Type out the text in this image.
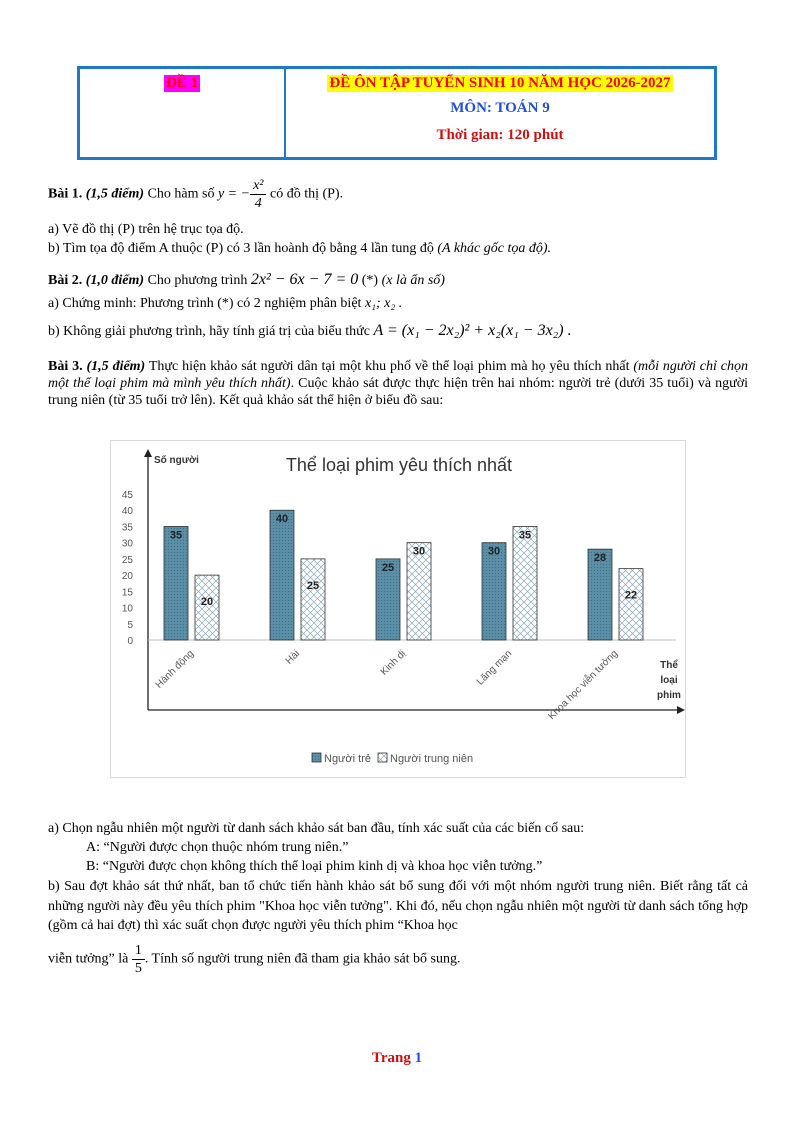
ĐỀ 1	ĐỀ ÔN TẬP TUYỂN SINH 10 NĂM HỌC 2026-2027
MÔN: TOÁN 9
Thời gian: 120 phút
Bài 1. (1,5 điểm) Cho hàm số y = − $\frac{\text{x²}}{4}$ có đồ thị (P).
a) Vẽ đồ thị (P) trên hệ trục tọa độ.
b) Tìm tọa độ điểm A thuộc (P) có 3 lần hoành độ bằng 4 lần tung độ (A khác gốc tọa độ).
Bài 2. (1,0 điểm) Cho phương trình 2x² − 6x − 7 = 0 (*) (x là ẩn số)
a) Chứng minh: Phương trình (*) có 2 nghiệm phân biệt x₁; x₂ .
b) Không giải phương trình, hãy tính giá trị của biểu thức A = (x₁ − 2x₂)² + x₂(x₁ − 3x₂) .
Bài 3. (1,5 điểm) Thực hiện khảo sát người dân tại một khu phố về thể loại phim mà họ yêu thích nhất (mỗi người chỉ chọn một thể loại phim mà mình yêu thích nhất). Cuộc khảo sát được thực hiện trên hai nhóm: người trẻ (dưới 35 tuổi) và người trung niên (từ 35 tuổi trở lên). Kết quả khảo sát thể hiện ở biểu đồ sau:
Thể loại phim yêu thích nhất
Số người
0
5
10
15
20
25
30
35
40
45
35
20
Hành động
40
25
Hài
25
30
Kinh dị
30
35
Lãng mạn
28
22
Khoa học viễn tưởng	Thể
loại
phim
Người trẻ Người trung niên
a) Chọn ngẫu nhiên một người từ danh sách khảo sát ban đầu, tính xác suất của các biến cố sau:
A: “Người được chọn thuộc nhóm trung niên.”
B: “Người được chọn không thích thể loại phim kinh dị và khoa học viễn tưởng.”
b) Sau đợt khảo sát thứ nhất, ban tổ chức tiến hành khảo sát bổ sung đối với một nhóm người trung niên. Biết rằng tất cả những người này đều yêu thích phim "Khoa học viễn tưởng". Khi đó, nếu chọn ngẫu nhiên một người từ danh sách tổng hợp (gồm cả hai đợt) thì xác suất chọn được người yêu thích phim “Khoa học
viễn tưởng” là $\frac{1}{5}$ . Tính số người trung niên đã tham gia khảo sát bổ sung.
Trang 1
